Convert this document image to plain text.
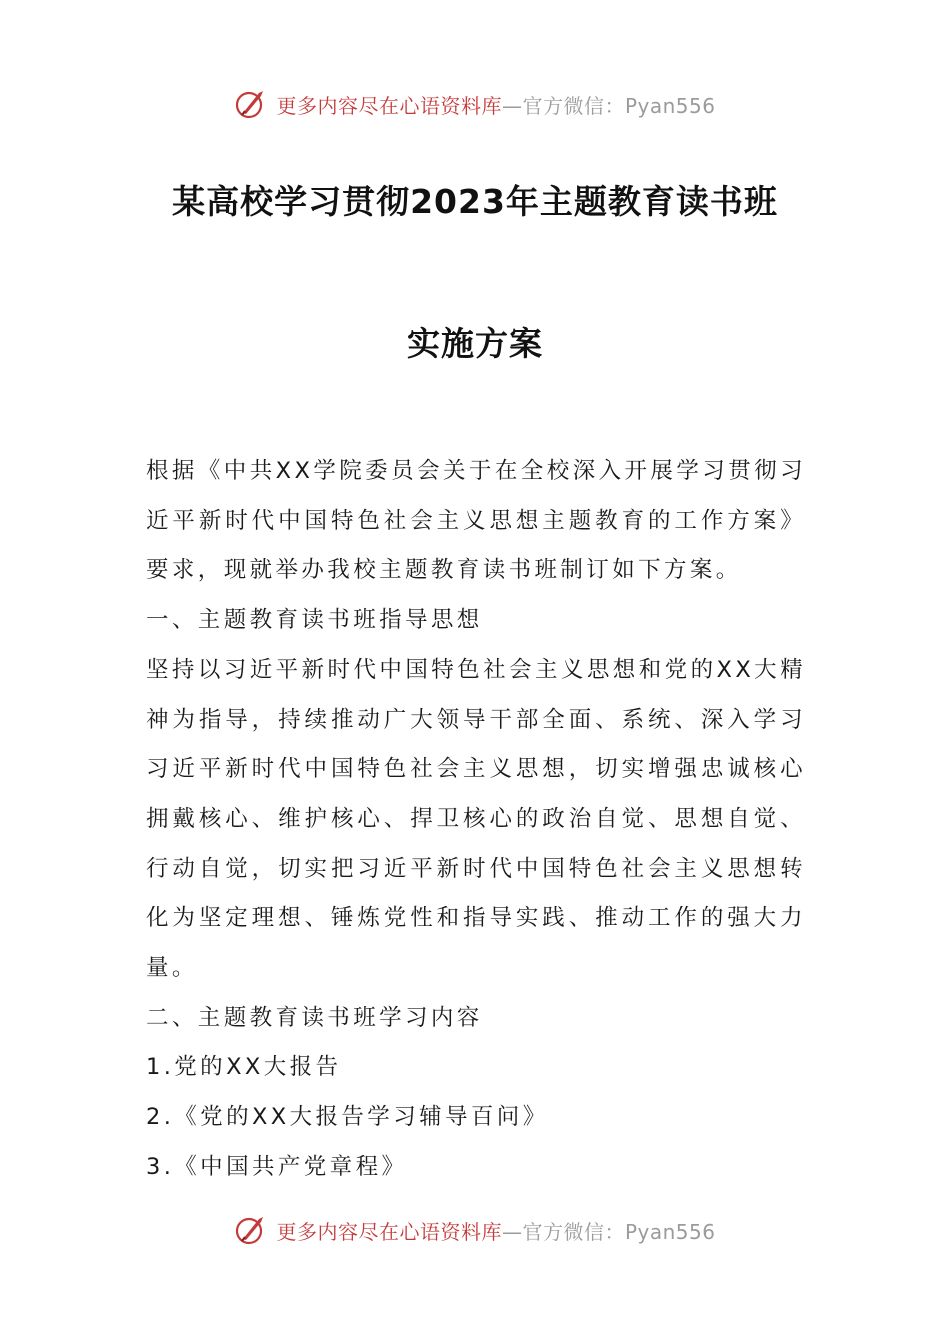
更多内容尽在心语资料库—官方微信：Pyan556
某高校学习贯彻2023年主题教育读书班
实施方案

根据《中共XX学院委员会关于在全校深入开展学习贯彻习近平新时代中国特色社会主义思想主题教育的工作方案》要求，现就举办我校主题教育读书班制订如下方案。

一、主题教育读书班指导思想

坚持以习近平新时代中国特色社会主义思想和党的XX大精神为指导，持续推动广大领导干部全面、系统、深入学习习近平新时代中国特色社会主义思想，切实增强忠诚核心拥戴核心、维护核心、捍卫核心的政治自觉、思想自觉、行动自觉，切实把习近平新时代中国特色社会主义思想转化为坚定理想、锤炼党性和指导实践、推动工作的强大力量。

二、主题教育读书班学习内容

1.党的XX大报告

2.《党的XX大报告学习辅导百问》

3.《中国共产党章程》

更多内容尽在心语资料库—官方微信：Pyan556
